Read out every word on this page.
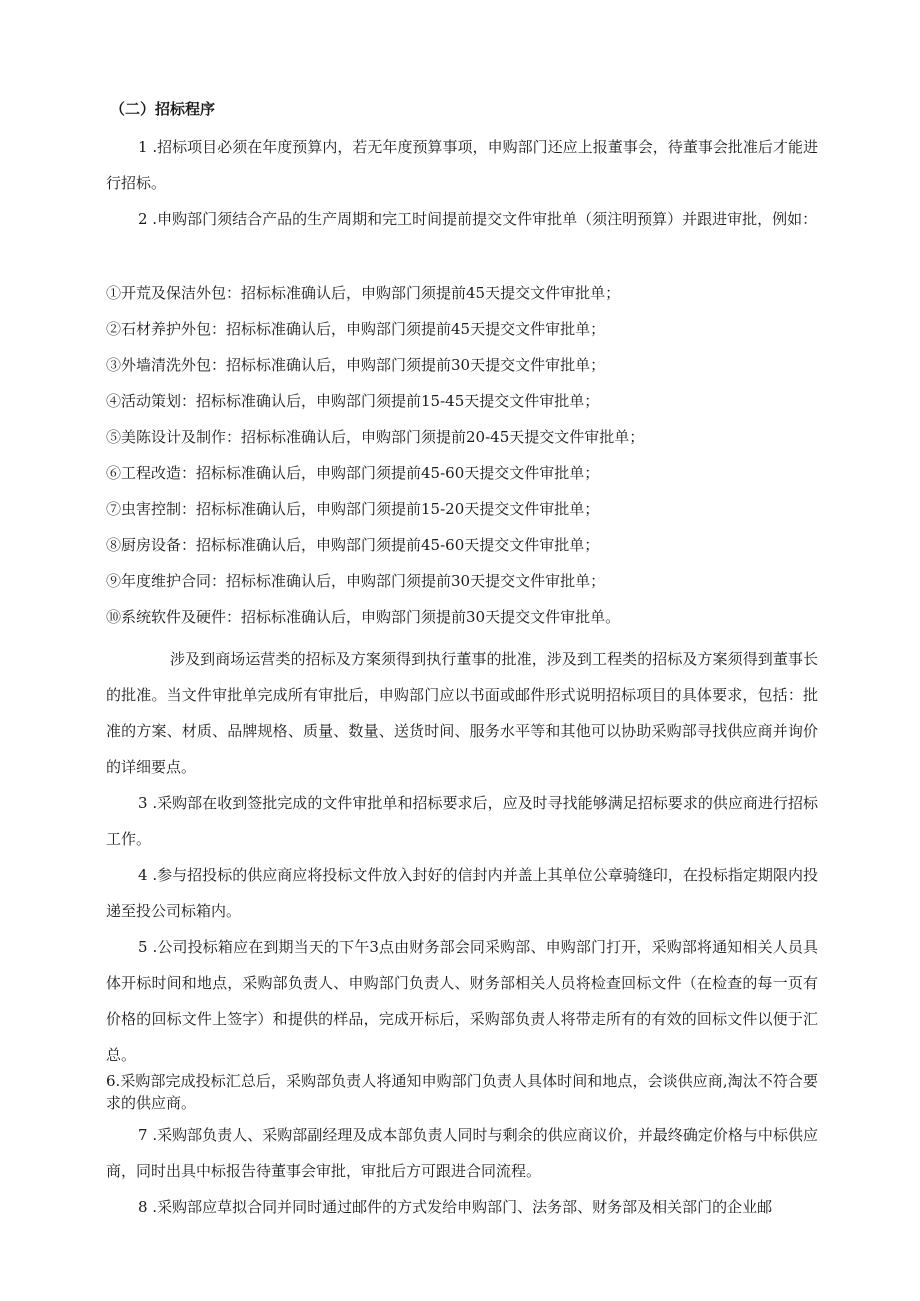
（二）招标程序
1 .招标项目必须在年度预算内，若无年度预算事项，申购部门还应上报董事会，待董事会批准后才能进行招标。
2 .申购部门须结合产品的生产周期和完工时间提前提交文件审批单（须注明预算）并跟进审批，例如：
①开荒及保洁外包：招标标准确认后，申购部门须提前45天提交文件审批单；
②石材养护外包：招标标准确认后，申购部门须提前45天提交文件审批单；
③外墙清洗外包：招标标准确认后，申购部门须提前30天提交文件审批单；
④活动策划：招标标准确认后，申购部门须提前15-45天提交文件审批单；
⑤美陈设计及制作：招标标准确认后，申购部门须提前20-45天提交文件审批单；
⑥工程改造：招标标准确认后，申购部门须提前45-60天提交文件审批单；
⑦虫害控制：招标标准确认后，申购部门须提前15-20天提交文件审批单；
⑧厨房设备：招标标准确认后，申购部门须提前45-60天提交文件审批单；
⑨年度维护合同：招标标准确认后，申购部门须提前30天提交文件审批单；
⑩系统软件及硬件：招标标准确认后，申购部门须提前30天提交文件审批单。
涉及到商场运营类的招标及方案须得到执行董事的批准，涉及到工程类的招标及方案须得到董事长的批准。当文件审批单完成所有审批后，申购部门应以书面或邮件形式说明招标项目的具体要求，包括：批准的方案、材质、品牌规格、质量、数量、送货时间、服务水平等和其他可以协助采购部寻找供应商并询价的详细要点。
3 .采购部在收到签批完成的文件审批单和招标要求后，应及时寻找能够满足招标要求的供应商进行招标工作。
4 .参与招投标的供应商应将投标文件放入封好的信封内并盖上其单位公章骑缝印，在投标指定期限内投递至投公司标箱内。
5 .公司投标箱应在到期当天的下午3点由财务部会同采购部、申购部门打开，采购部将通知相关人员具体开标时间和地点，采购部负责人、申购部门负责人、财务部相关人员将检查回标文件（在检查的每一页有价格的回标文件上签字）和提供的样品，完成开标后，采购部负责人将带走所有的有效的回标文件以便于汇总。
6.采购部完成投标汇总后，采购部负责人将通知申购部门负责人具体时间和地点，会谈供应商,淘汰不符合要求的供应商。
7 .采购部负责人、采购部副经理及成本部负责人同时与剩余的供应商议价，并最终确定价格与中标供应商，同时出具中标报告待董事会审批，审批后方可跟进合同流程。
8 .采购部应草拟合同并同时通过邮件的方式发给申购部门、法务部、财务部及相关部门的企业邮
